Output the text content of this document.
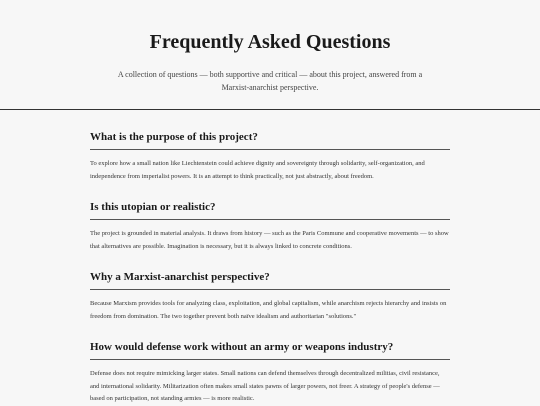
Frequently Asked Questions

A collection of questions — both supportive and critical — about this project, answered from a Marxist-anarchist perspective.

What is the purpose of this project?

To explore how a small nation like Liechtenstein could achieve dignity and sovereignty through solidarity, self-organization, and independence from imperialist powers. It is an attempt to think practically, not just abstractly, about freedom.

Is this utopian or realistic?

The project is grounded in material analysis. It draws from history — such as the Paris Commune and cooperative movements — to show that alternatives are possible. Imagination is necessary, but it is always linked to concrete conditions.

Why a Marxist-anarchist perspective?

Because Marxism provides tools for analyzing class, exploitation, and global capitalism, while anarchism rejects hierarchy and insists on freedom from domination. The two together prevent both naïve idealism and authoritarian "solutions."

How would defense work without an army or weapons industry?

Defense does not require mimicking larger states. Small nations can defend themselves through decentralized militias, civil resistance, and international solidarity. Militarization often makes small states pawns of larger powers, not freer. A strategy of people's defense — based on participation, not standing armies — is more realistic.
